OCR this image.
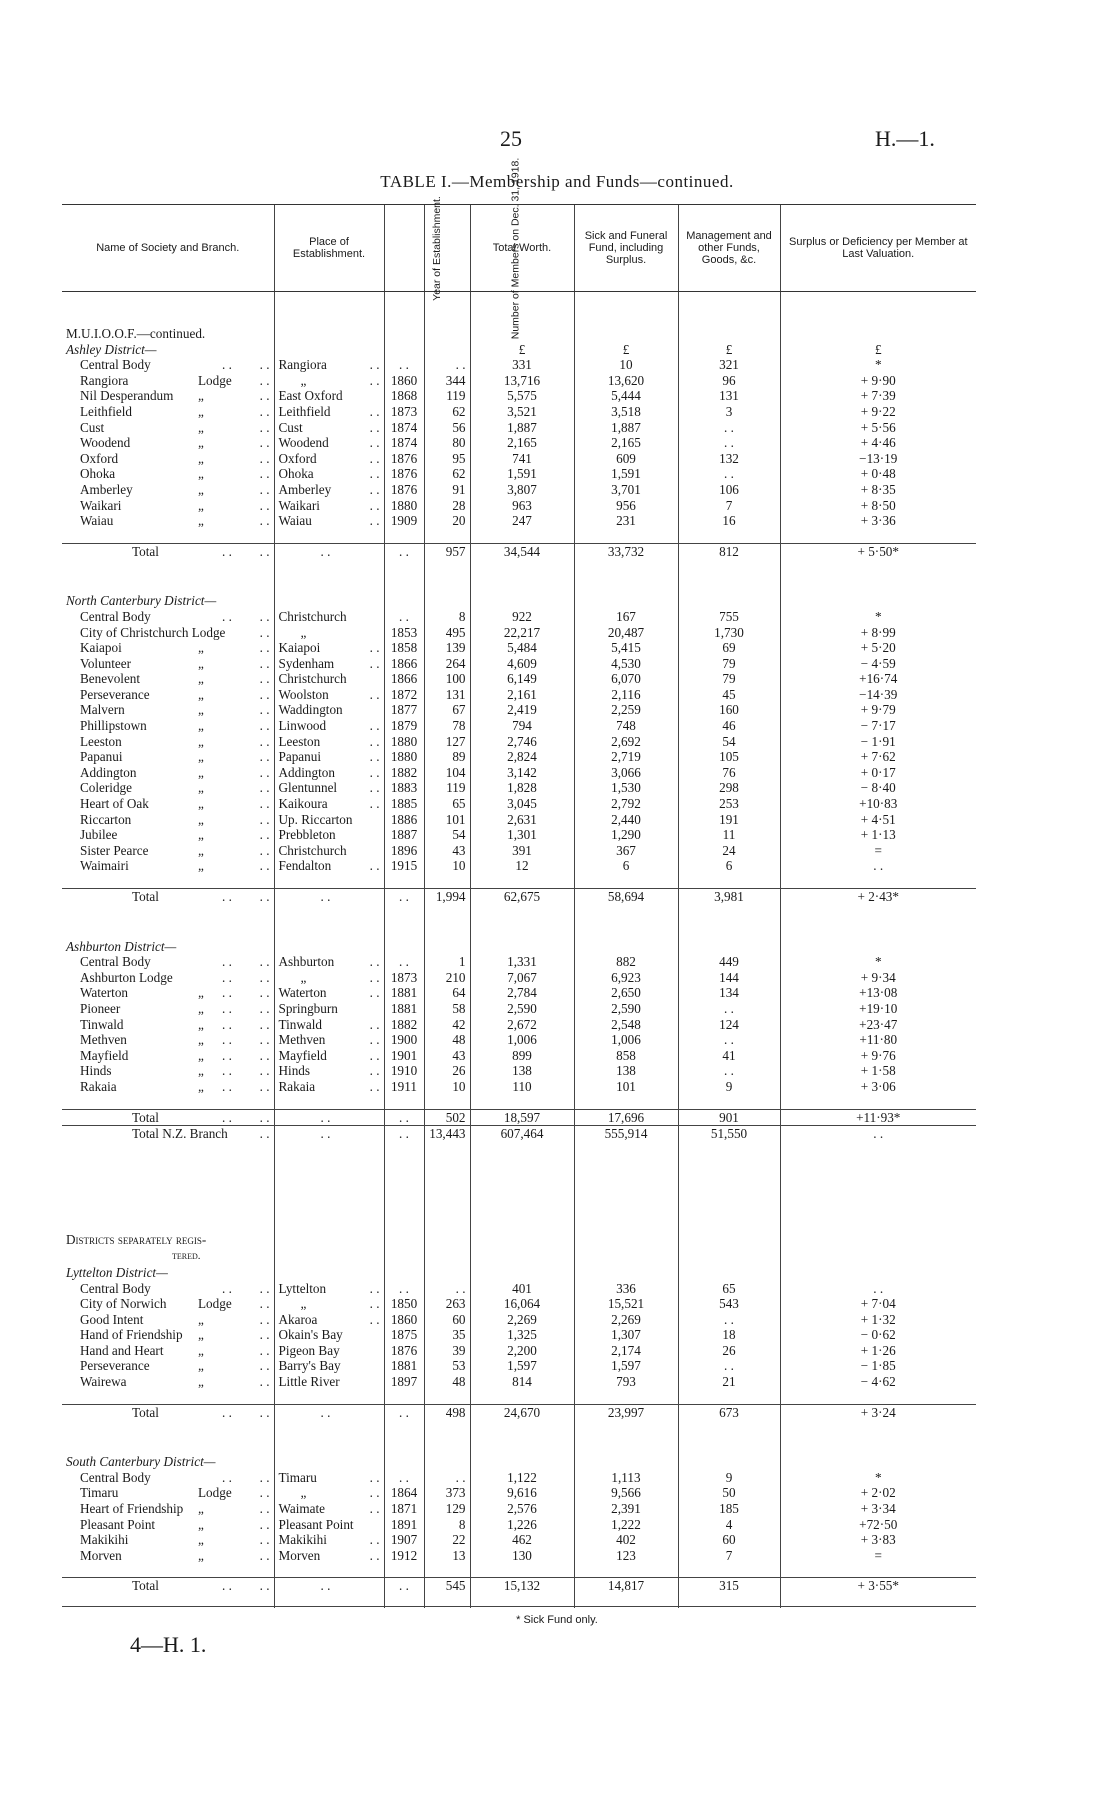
25	H.—1.
TABLE I.—Membership and Funds—continued.
Name of Society and Branch.	Place of Establishment.	Year of Establishment.	Number of Members on Dec. 31, 1918.	Total Worth.	Sick and Funeral Fund, including Surplus.	Management and other Funds, Goods, &c.	Surplus or Deficiency per Member at Last Valuation.

M.U.I.O.O.F.—continued.							
Ashley District—				£	£	£	£
Central Body . . . .	Rangiora . .	. .	. .	331	10	321	*
Rangiora Lodge . .	„ . .	1860	344	13,716	13,620	96	+ 9·90
Nil Desperandum „ . .	East Oxford	1868	119	5,575	5,444	131	+ 7·39
Leithfield „ . .	Leithfield . .	1873	62	3,521	3,518	3	+ 9·22
Cust „ . .	Cust . .	1874	56	1,887	1,887	. .	+ 5·56
Woodend „ . .	Woodend . .	1874	80	2,165	2,165	. .	+ 4·46
Oxford „ . .	Oxford . .	1876	95	741	609	132	−13·19
Ohoka „ . .	Ohoka . .	1876	62	1,591	1,591	. .	+ 0·48
Amberley „ . .	Amberley . .	1876	91	3,807	3,701	106	+ 8·35
Waikari „ . .	Waikari . .	1880	28	963	956	7	+ 8·50
Waiau „ . .	Waiau . .	1909	20	247	231	16	+ 3·36

Total . . . .	. .	. .	957	34,544	33,732	812	+ 5·50*

North Canterbury District—							
Central Body . . . .	Christchurch	. .	8	922	167	755	*
City of Christchurch Lodge . .	„	1853	495	22,217	20,487	1,730	+ 8·99
Kaiapoi „ . .	Kaiapoi . .	1858	139	5,484	5,415	69	+ 5·20
Volunteer „ . .	Sydenham . .	1866	264	4,609	4,530	79	− 4·59
Benevolent „ . .	Christchurch	1866	100	6,149	6,070	79	+16·74
Perseverance „ . .	Woolston . .	1872	131	2,161	2,116	45	−14·39
Malvern „ . .	Waddington	1877	67	2,419	2,259	160	+ 9·79
Phillipstown „ . .	Linwood . .	1879	78	794	748	46	− 7·17
Leeston „ . .	Leeston . .	1880	127	2,746	2,692	54	− 1·91
Papanui „ . .	Papanui . .	1880	89	2,824	2,719	105	+ 7·62
Addington „ . .	Addington . .	1882	104	3,142	3,066	76	+ 0·17
Coleridge „ . .	Glentunnel . .	1883	119	1,828	1,530	298	− 8·40
Heart of Oak „ . .	Kaikoura . .	1885	65	3,045	2,792	253	+10·83
Riccarton „ . .	Up. Riccarton	1886	101	2,631	2,440	191	+ 4·51
Jubilee „ . .	Prebbleton	1887	54	1,301	1,290	11	+ 1·13
Sister Pearce „ . .	Christchurch	1896	43	391	367	24	=
Waimairi „ . .	Fendalton . .	1915	10	12	6	6	. .

Total . . . .	. .	. .	1,994	62,675	58,694	3,981	+ 2·43*

Ashburton District—							
Central Body . . . .	Ashburton . .	. .	1	1,331	882	449	*
Ashburton Lodge . . . .	„ . .	1873	210	7,067	6,923	144	+ 9·34
Waterton „ . . . .	Waterton . .	1881	64	2,784	2,650	134	+13·08
Pioneer „ . . . .	Springburn	1881	58	2,590	2,590	. .	+19·10
Tinwald „ . . . .	Tinwald . .	1882	42	2,672	2,548	124	+23·47
Methven „ . . . .	Methven . .	1900	48	1,006	1,006	. .	+11·80
Mayfield „ . . . .	Mayfield . .	1901	43	899	858	41	+ 9·76
Hinds „ . . . .	Hinds . .	1910	26	138	138	. .	+ 1·58
Rakaia „ . . . .	Rakaia . .	1911	10	110	101	9	+ 3·06

Total . . . .	. .	. .	502	18,597	17,696	901	+11·93*
Total N.Z. Branch . .	. .	. .	13,443	607,464	555,914	51,550	. .

Districts separately regis-							
tered.							
Lyttelton District—							
Central Body . . . .	Lyttelton . .	. .	. .	401	336	65	. .
City of Norwich Lodge . .	„ . .	1850	263	16,064	15,521	543	+ 7·04
Good Intent „ . .	Akaroa . .	1860	60	2,269	2,269	. .	+ 1·32
Hand of Friendship „ . .	Okain's Bay	1875	35	1,325	1,307	18	− 0·62
Hand and Heart „ . .	Pigeon Bay	1876	39	2,200	2,174	26	+ 1·26
Perseverance „ . .	Barry's Bay	1881	53	1,597	1,597	. .	− 1·85
Wairewa „ . .	Little River	1897	48	814	793	21	− 4·62

Total . . . .	. .	. .	498	24,670	23,997	673	+ 3·24

South Canterbury District—							
Central Body . . . .	Timaru . .	. .	. .	1,122	1,113	9	*
Timaru Lodge . .	„ . .	1864	373	9,616	9,566	50	+ 2·02
Heart of Friendship „ . .	Waimate . .	1871	129	2,576	2,391	185	+ 3·34
Pleasant Point „ . .	Pleasant Point	1891	8	1,226	1,222	4	+72·50
Makikihi „ . .	Makikihi . .	1907	22	462	402	60	+ 3·83
Morven „ . .	Morven . .	1912	13	130	123	7	=

Total . . . .	. .	. .	545	15,132	14,817	315	+ 3·55*

* Sick Fund only.
4—H. 1.
